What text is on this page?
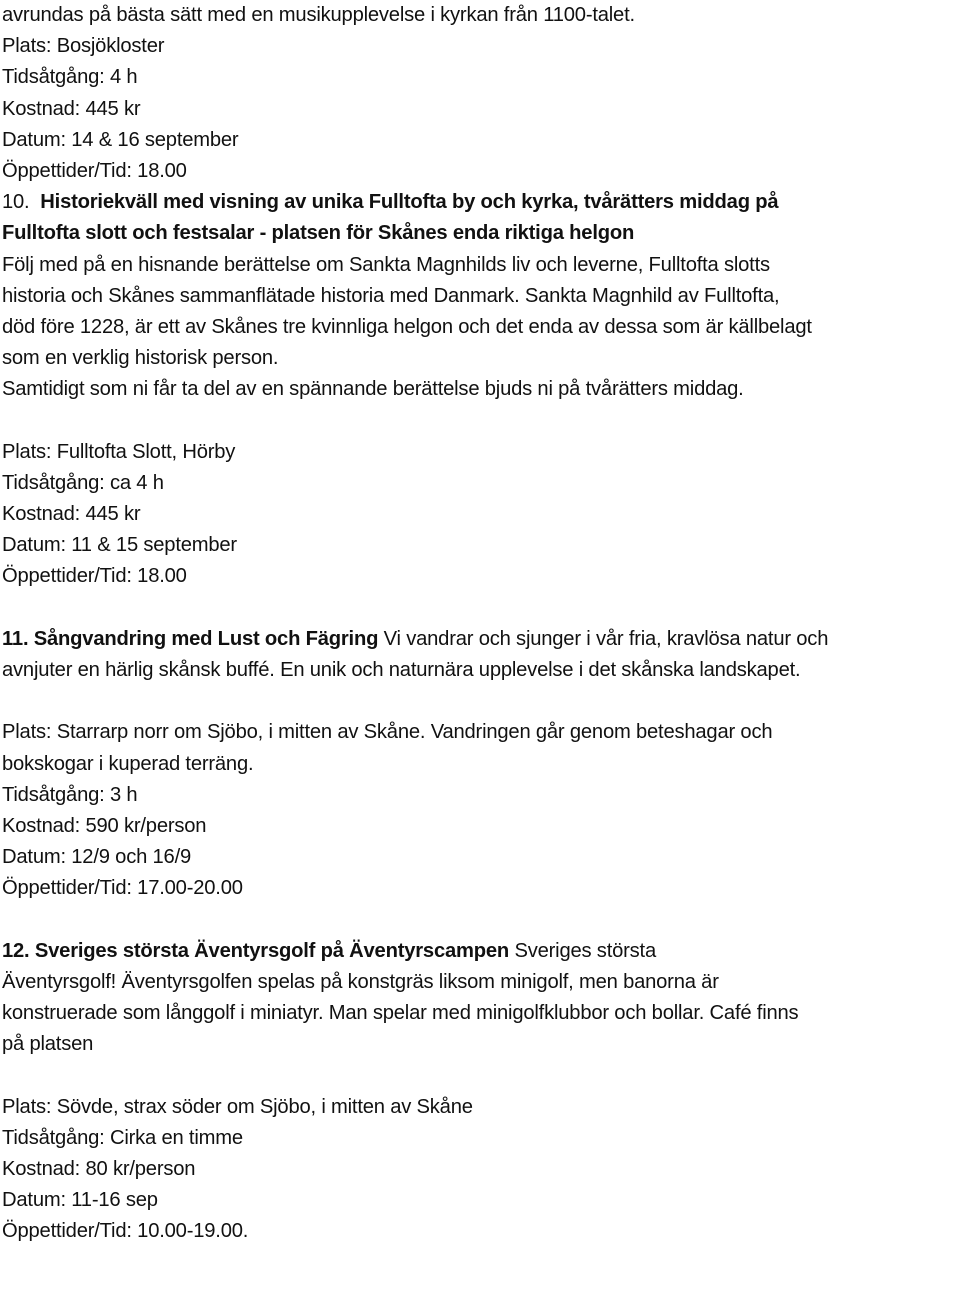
avrundas på bästa sätt med en musikupplevelse i kyrkan från 1100-talet.
Plats: Bosjökloster
Tidsåtgång: 4 h
Kostnad: 445 kr
Datum: 14 & 16 september
Öppettider/Tid: 18.00
10. Historiekväll med visning av unika Fulltofta by och kyrka, tvårätters middag på
Fulltofta slott och festsalar - platsen för Skånes enda riktiga helgon
Följ med på en hisnande berättelse om Sankta Magnhilds liv och leverne, Fulltofta slotts
historia och Skånes sammanflätade historia med Danmark. Sankta Magnhild av Fulltofta,
död före 1228, är ett av Skånes tre kvinnliga helgon och det enda av dessa som är källbelagt
som en verklig historisk person.
Samtidigt som ni får ta del av en spännande berättelse bjuds ni på tvårätters middag.
Plats: Fulltofta Slott, Hörby
Tidsåtgång: ca 4 h
Kostnad: 445 kr
Datum: 11 & 15 september
Öppettider/Tid: 18.00
11. Sångvandring med Lust och Fägring Vi vandrar och sjunger i vår fria, kravlösa natur och
avnjuter en härlig skånsk buffé. En unik och naturnära upplevelse i det skånska landskapet.
Plats: Starrarp norr om Sjöbo, i mitten av Skåne. Vandringen går genom beteshagar och
bokskogar i kuperad terräng.
Tidsåtgång: 3 h
Kostnad: 590 kr/person
Datum: 12/9 och 16/9
Öppettider/Tid: 17.00-20.00
12. Sveriges största Äventyrsgolf på Äventyrscampen Sveriges största
Äventyrsgolf! Äventyrsgolfen spelas på konstgräs liksom minigolf, men banorna är
konstruerade som långgolf i miniatyr. Man spelar med minigolfklubbor och bollar. Café finns
på platsen
Plats: Sövde, strax söder om Sjöbo, i mitten av Skåne
Tidsåtgång: Cirka en timme
Kostnad: 80 kr/person
Datum: 11-16 sep
Öppettider/Tid: 10.00-19.00.
